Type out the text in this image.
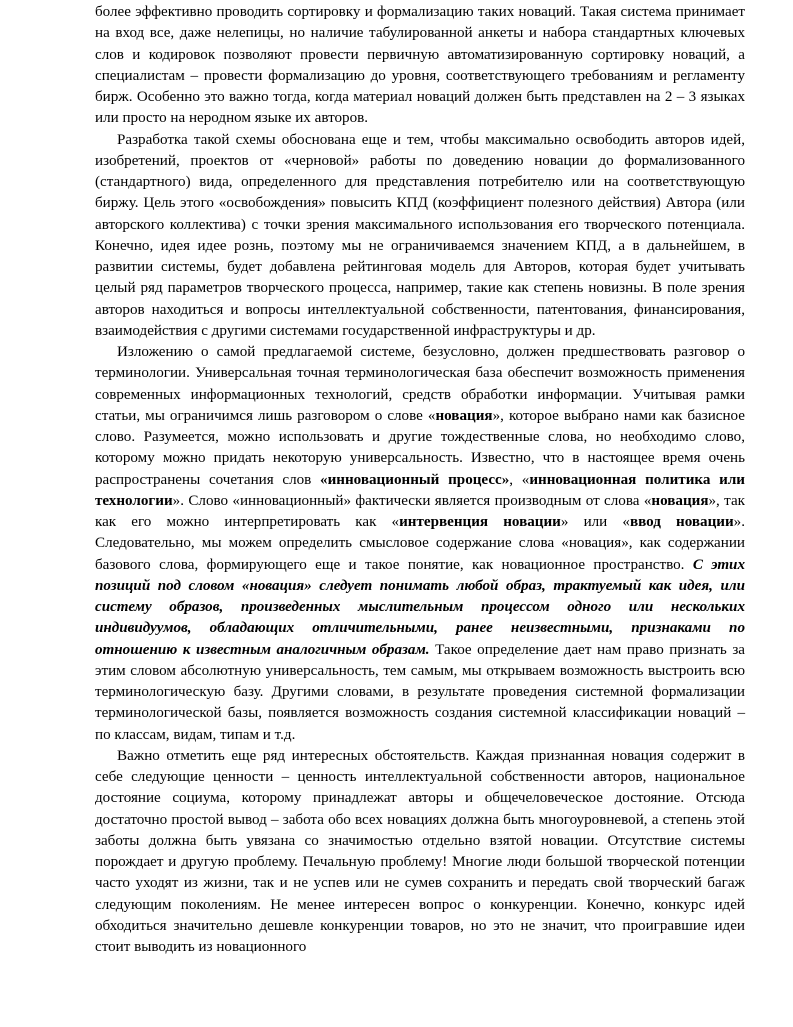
более эффективно проводить сортировку и формализацию таких новаций. Такая система принимает на вход все, даже нелепицы, но наличие табулированной анкеты и набора стандартных ключевых слов и кодировок позволяют провести первичную автоматизированную сортировку новаций, а специалистам – провести формализацию до уровня, соответствующего требованиям и регламенту бирж. Особенно это важно тогда, когда материал новаций должен быть представлен на 2 – 3 языках или просто на неродном языке их авторов.

Разработка такой схемы обоснована еще и тем, чтобы максимально освободить авторов идей, изобретений, проектов от «черновой» работы по доведению новации до формализованного (стандартного) вида, определенного для представления потребителю или на соответствующую биржу. Цель этого «освобождения» повысить КПД (коэффициент полезного действия) Автора (или авторского коллектива) с точки зрения максимального использования его творческого потенциала. Конечно, идея идее рознь, поэтому мы не ограничиваемся значением КПД, а в дальнейшем, в развитии системы, будет добавлена рейтинговая модель для Авторов, которая будет учитывать целый ряд параметров творческого процесса, например, такие как степень новизны. В поле зрения авторов находиться и вопросы интеллектуальной собственности, патентования, финансирования, взаимодействия с другими системами государственной инфраструктуры и др.

Изложению о самой предлагаемой системе, безусловно, должен предшествовать разговор о терминологии. Универсальная точная терминологическая база обеспечит возможность применения современных информационных технологий, средств обработки информации. Учитывая рамки статьи, мы ограничимся лишь разговором о слове «новация», которое выбрано нами как базисное слово. Разумеется, можно использовать и другие тождественные слова, но необходимо слово, которому можно придать некоторую универсальность. Известно, что в настоящее время очень распространены сочетания слов «инновационный процесс», «инновационная политика или технологии». Слово «инновационный» фактически является производным от слова «новация», так как его можно интерпретировать как «интервенция новации» или «ввод новации». Следовательно, мы можем определить смысловое содержание слова «новация», как содержании базового слова, формирующего еще и такое понятие, как новационное пространство. С этих позиций под словом «новация» следует понимать любой образ, трактуемый как идея, или систему образов, произведенных мыслительным процессом одного или нескольких индивидуумов, обладающих отличительными, ранее неизвестными, признаками по отношению к известным аналогичным образам. Такое определение дает нам право признать за этим словом абсолютную универсальность, тем самым, мы открываем возможность выстроить всю терминологическую базу. Другими словами, в результате проведения системной формализации терминологической базы, появляется возможность создания системной классификации новаций – по классам, видам, типам и т.д.

Важно отметить еще ряд интересных обстоятельств. Каждая признанная новация содержит в себе следующие ценности – ценность интеллектуальной собственности авторов, национальное достояние социума, которому принадлежат авторы и общечеловеческое достояние. Отсюда достаточно простой вывод – забота обо всех новациях должна быть многоуровневой, а степень этой заботы должна быть увязана со значимостью отдельно взятой новации. Отсутствие системы порождает и другую проблему. Печальную проблему! Многие люди большой творческой потенции часто уходят из жизни, так и не успев или не сумев сохранить и передать свой творческий багаж следующим поколениям. Не менее интересен вопрос о конкуренции. Конечно, конкурс идей обходиться значительно дешевле конкуренции товаров, но это не значит, что проигравшие идеи стоит выводить из новационного
